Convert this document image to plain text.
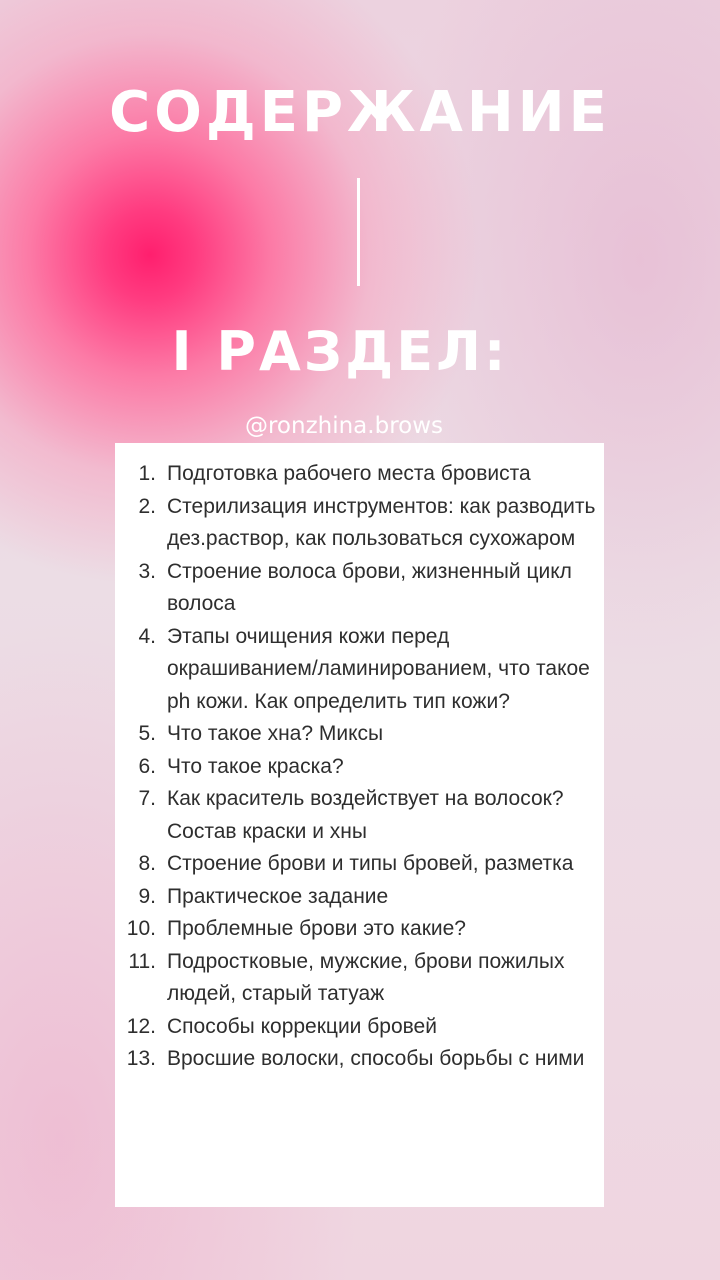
СОДЕРЖАНИЕ
I РАЗДЕЛ:
@ronzhina.brows
1. Подготовка рабочего места бровиста
2. Стерилизация инструментов: как разводить дез.раствор, как пользоваться сухожаром
3. Строение волоса брови, жизненный цикл волоса
4. Этапы очищения кожи перед окрашиванием/ламинированием, что такое ph кожи. Как определить тип кожи?
5. Что такое хна? Миксы
6. Что такое краска?
7. Как краситель воздействует на волосок? Состав краски и хны
8. Строение брови и типы бровей, разметка
9. Практическое задание
10. Проблемные брови это какие?
11. Подростковые, мужские, брови пожилых людей, старый татуаж
12. Способы коррекции бровей
13. Вросшие волоски, способы борьбы с ними
